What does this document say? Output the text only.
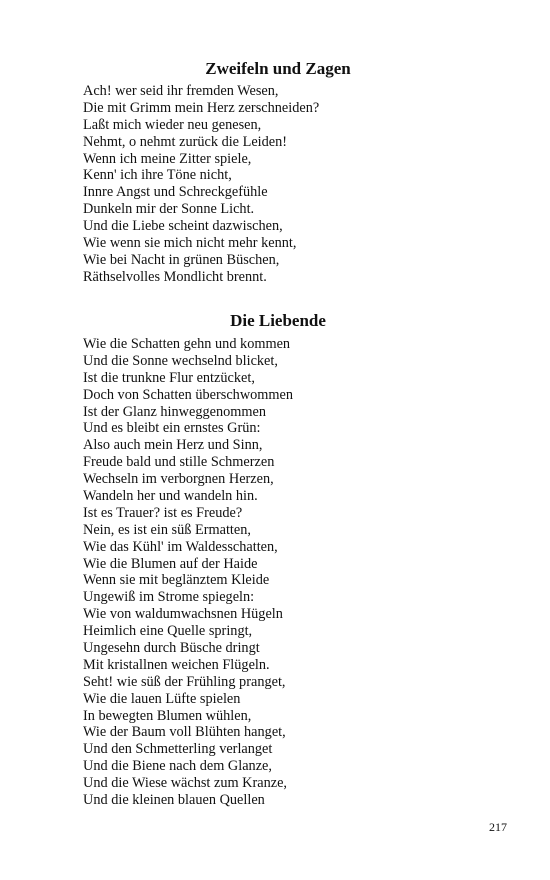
Zweifeln und Zagen
Ach! wer seid ihr fremden Wesen,
Die mit Grimm mein Herz zerschneiden?
Laßt mich wieder neu genesen,
Nehmt, o nehmt zurück die Leiden!
Wenn ich meine Zitter spiele,
Kenn' ich ihre Töne nicht,
Innre Angst und Schreckgefühle
Dunkeln mir der Sonne Licht.
Und die Liebe scheint dazwischen,
Wie wenn sie mich nicht mehr kennt,
Wie bei Nacht in grünen Büschen,
Räthselvolles Mondlicht brennt.
Die Liebende
Wie die Schatten gehn und kommen
Und die Sonne wechselnd blicket,
Ist die trunkne Flur entzücket,
Doch von Schatten überschwommen
Ist der Glanz hinweggenommen
Und es bleibt ein ernstes Grün:
Also auch mein Herz und Sinn,
Freude bald und stille Schmerzen
Wechseln im verborgnen Herzen,
Wandeln her und wandeln hin.
Ist es Trauer? ist es Freude?
Nein, es ist ein süß Ermatten,
Wie das Kühl' im Waldesschatten,
Wie die Blumen auf der Haide
Wenn sie mit beglänztem Kleide
Ungewiß im Strome spiegeln:
Wie von waldumwachsnen Hügeln
Heimlich eine Quelle springt,
Ungesehn durch Büsche dringt
Mit kristallnen weichen Flügeln.
Seht! wie süß der Frühling pranget,
Wie die lauen Lüfte spielen
In bewegten Blumen wühlen,
Wie der Baum voll Blühten hanget,
Und den Schmetterling verlanget
Und die Biene nach dem Glanze,
Und die Wiese wächst zum Kranze,
Und die kleinen blauen Quellen
217
